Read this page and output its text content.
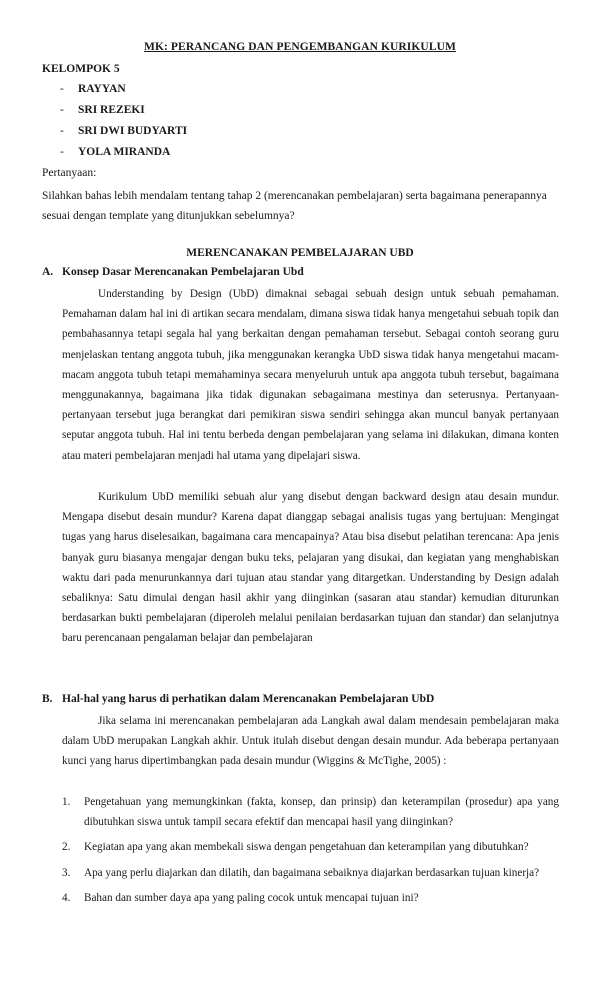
MK: PERANCANG DAN PENGEMBANGAN KURIKULUM
KELOMPOK 5
-	RAYYAN
-	SRI REZEKI
-	SRI DWI BUDYARTI
-	YOLA MIRANDA
Pertanyaan:
Silahkan bahas lebih mendalam tentang tahap 2 (merencanakan pembelajaran) serta bagaimana penerapannya sesuai dengan template yang ditunjukkan sebelumnya?
MERENCANAKAN PEMBELAJARAN UBD
A. Konsep Dasar Merencanakan Pembelajaran Ubd

Understanding by Design (UbD) dimaknai sebagai sebuah design untuk sebuah pemahaman. Pemahaman dalam hal ini di artikan secara mendalam, dimana siswa tidak hanya mengetahui sebuah topik dan pembahasannya tetapi segala hal yang berkaitan dengan pemahaman tersebut. Sebagai contoh seorang guru menjelaskan tentang anggota tubuh, jika menggunakan kerangka UbD siswa tidak hanya mengetahui macam-macam anggota tubuh tetapi memahaminya secara menyeluruh untuk apa anggota tubuh tersebut, bagaimana menggunakannya, bagaimana jika tidak digunakan sebagaimana mestinya dan seterusnya. Pertanyaan-pertanyaan tersebut juga berangkat dari pemikiran siswa sendiri sehingga akan muncul banyak pertanyaan seputar anggota tubuh. Hal ini tentu berbeda dengan pembelajaran yang selama ini dilakukan, dimana konten atau materi pembelajaran menjadi hal utama yang dipelajari siswa.

Kurikulum UbD memiliki sebuah alur yang disebut dengan backward design atau desain mundur. Mengapa disebut desain mundur? Karena dapat dianggap sebagai analisis tugas yang bertujuan: Mengingat tugas yang harus diselesaikan, bagaimana cara mencapainya? Atau bisa disebut pelatihan terencana: Apa jenis banyak guru biasanya mengajar dengan buku teks, pelajaran yang disukai, dan kegiatan yang menghabiskan waktu dari pada menurunkannya dari tujuan atau standar yang ditargetkan. Understanding by Design adalah sebaliknya: Satu dimulai dengan hasil akhir yang diinginkan (sasaran atau standar) kemudian diturunkan berdasarkan bukti pembelajaran (diperoleh melalui penilaian berdasarkan tujuan dan standar) dan selanjutnya baru perencanaan pengalaman belajar dan pembelajaran

B. Hal-hal yang harus di perhatikan dalam Merencanakan Pembelajaran UbD

Jika selama ini merencanakan pembelajaran ada Langkah awal dalam mendesain pembelajaran maka dalam UbD merupakan Langkah akhir. Untuk itulah disebut dengan desain mundur. Ada beberapa pertanyaan kunci yang harus dipertimbangkan pada desain mundur (Wiggins & McTighe, 2005) :

1.	Pengetahuan yang memungkinkan (fakta, konsep, dan prinsip) dan keterampilan (prosedur) apa yang dibutuhkan siswa untuk tampil secara efektif dan mencapai hasil yang diinginkan?
2.	Kegiatan apa yang akan membekali siswa dengan pengetahuan dan keterampilan yang dibutuhkan?
3.	Apa yang perlu diajarkan dan dilatih, dan bagaimana sebaiknya diajarkan berdasarkan tujuan kinerja?
4.	Bahan dan sumber daya apa yang paling cocok untuk mencapai tujuan ini?
